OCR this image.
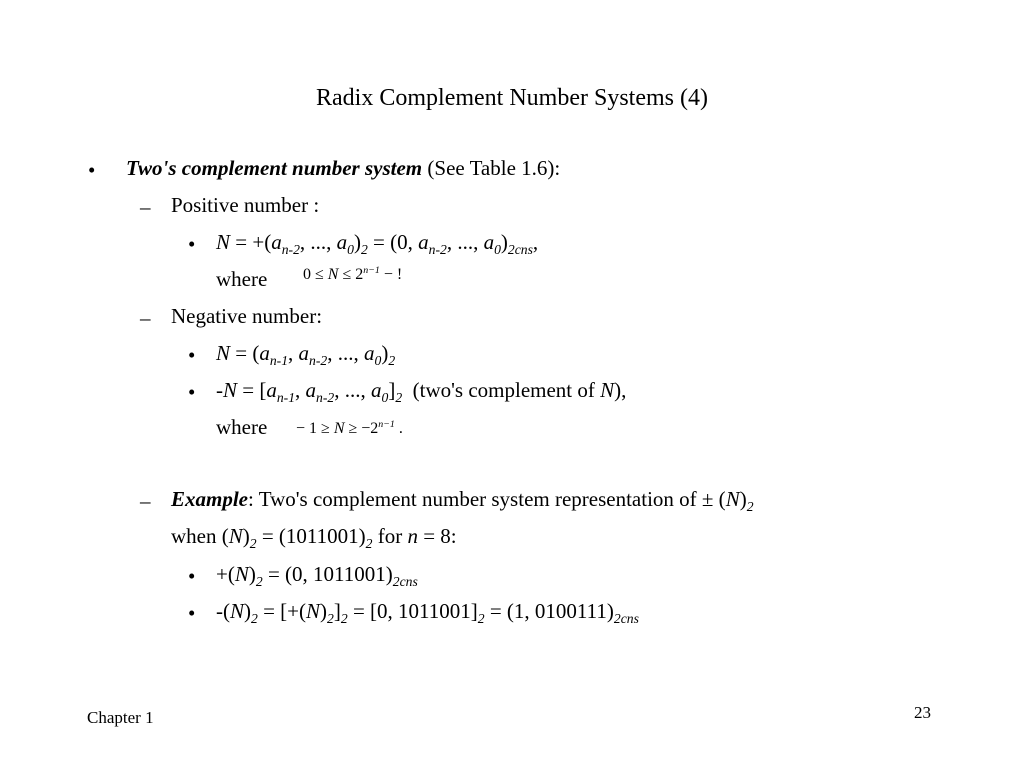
Radix Complement Number Systems (4)
• Two's complement number system (See Table 1.6):
– Positive number :
• $N = +(a_{n-2}$, ..., $a_0)_2 = (0$, $a_{n-2}$, ..., $a_0)_{2cns}$,
where $0 \le N \le 2^{n-1}$ − !
– Negative number:
• $N = (a_{n-1}$, $a_{n-2}$, ..., $a_0)_2$
• $-N = [a_{n-1}$, $a_{n-2}$, ..., $a_0]_2$  (two's complement of N),
where − $1 \ge N \ge -2^{n-1}$ .
– Example: Two's complement number system representation of ± $(N)_2$
when $(N)_2 = (1011001)_2$ for n = 8:
• $+(N)_2 = (0$, $1011001)_{2cns}$
• $-(N)_2 = [+(N)_2]_2 = [0$, $1011001]_2 = (1$, $0100111)_{2cns}$
Chapter 1	23
